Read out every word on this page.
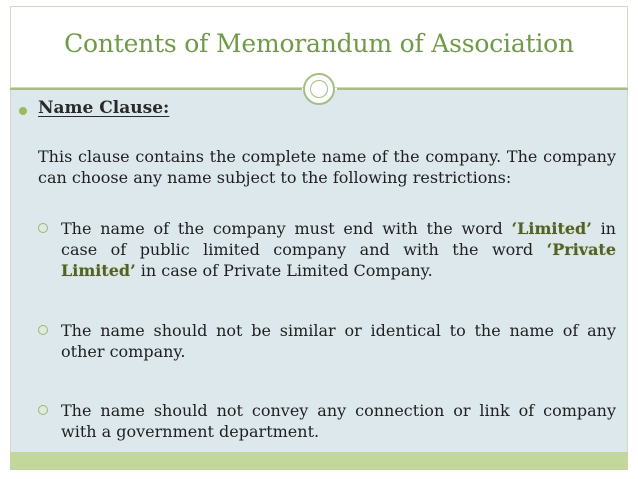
Contents of Memorandum of Association
Name Clause:

This clause contains the complete name of the company. The company can choose any name subject to the following restrictions:

The name of the company must end with the word ‘Limited’ in case of public limited company and with the word ‘Private Limited’ in case of Private Limited Company.

The name should not be similar or identical to the name of any other company.

The name should not convey any connection or link of company with a government department.
